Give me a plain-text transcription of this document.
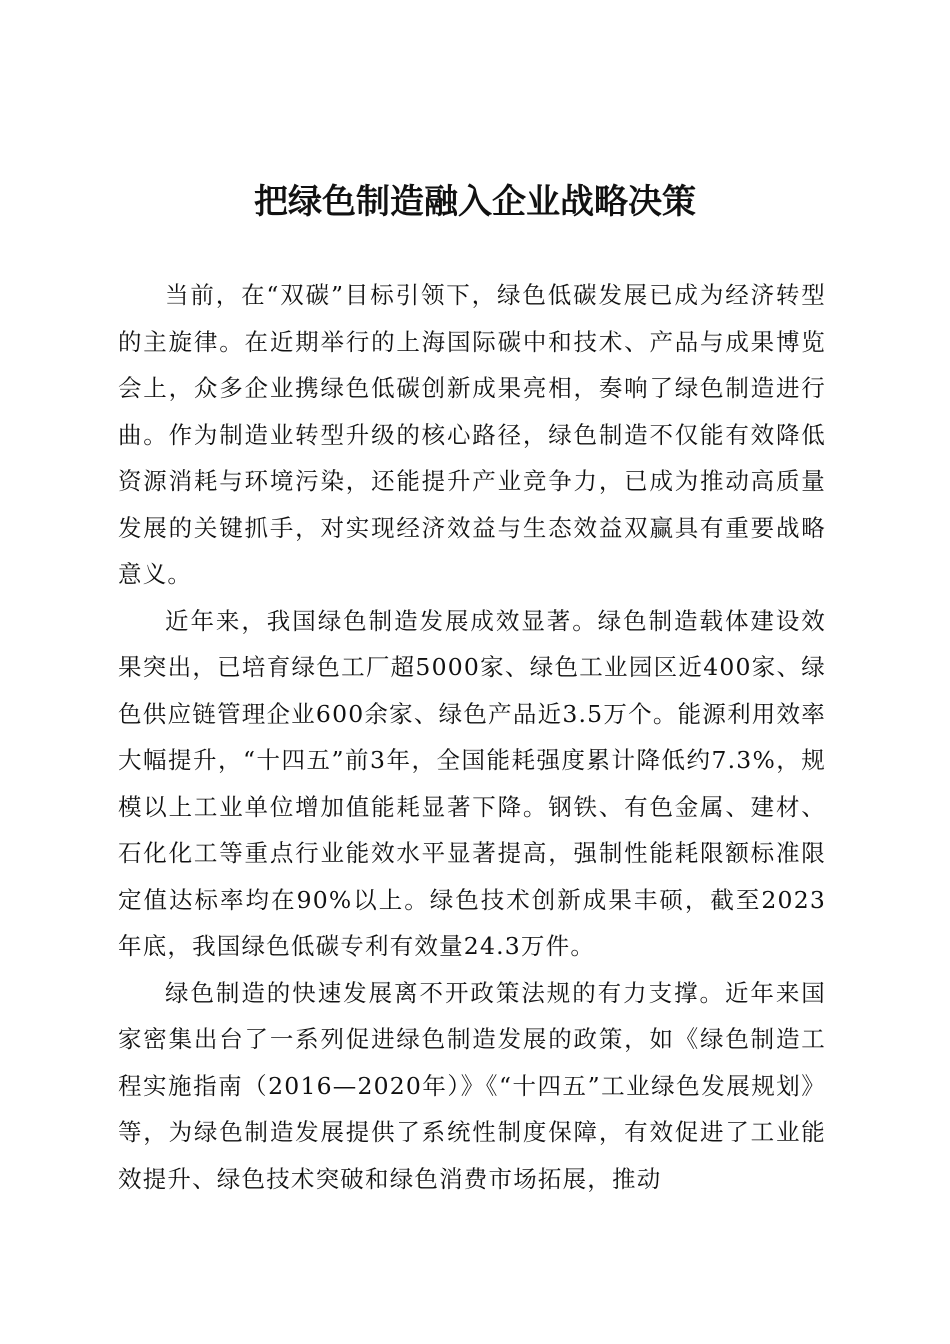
把绿色制造融入企业战略决策

当前，在“双碳”目标引领下，绿色低碳发展已成为经济转型的主旋律。在近期举行的上海国际碳中和技术、产品与成果博览会上，众多企业携绿色低碳创新成果亮相，奏响了绿色制造进行曲。作为制造业转型升级的核心路径，绿色制造不仅能有效降低资源消耗与环境污染，还能提升产业竞争力，已成为推动高质量发展的关键抓手，对实现经济效益与生态效益双赢具有重要战略意义。

近年来，我国绿色制造发展成效显著。绿色制造载体建设效果突出，已培育绿色工厂超5000家、绿色工业园区近400家、绿色供应链管理企业600余家、绿色产品近3.5万个。能源利用效率大幅提升，“十四五”前3年，全国能耗强度累计降低约7.3%，规模以上工业单位增加值能耗显著下降。钢铁、有色金属、建材、石化化工等重点行业能效水平显著提高，强制性能耗限额标准限定值达标率均在90%以上。绿色技术创新成果丰硕，截至2023年底，我国绿色低碳专利有效量24.3万件。

绿色制造的快速发展离不开政策法规的有力支撑。近年来国家密集出台了一系列促进绿色制造发展的政策，如《绿色制造工程实施指南（2016—2020年）》《“十四五”工业绿色发展规划》等，为绿色制造发展提供了系统性制度保障，有效促进了工业能效提升、绿色技术突破和绿色消费市场拓展，推动
